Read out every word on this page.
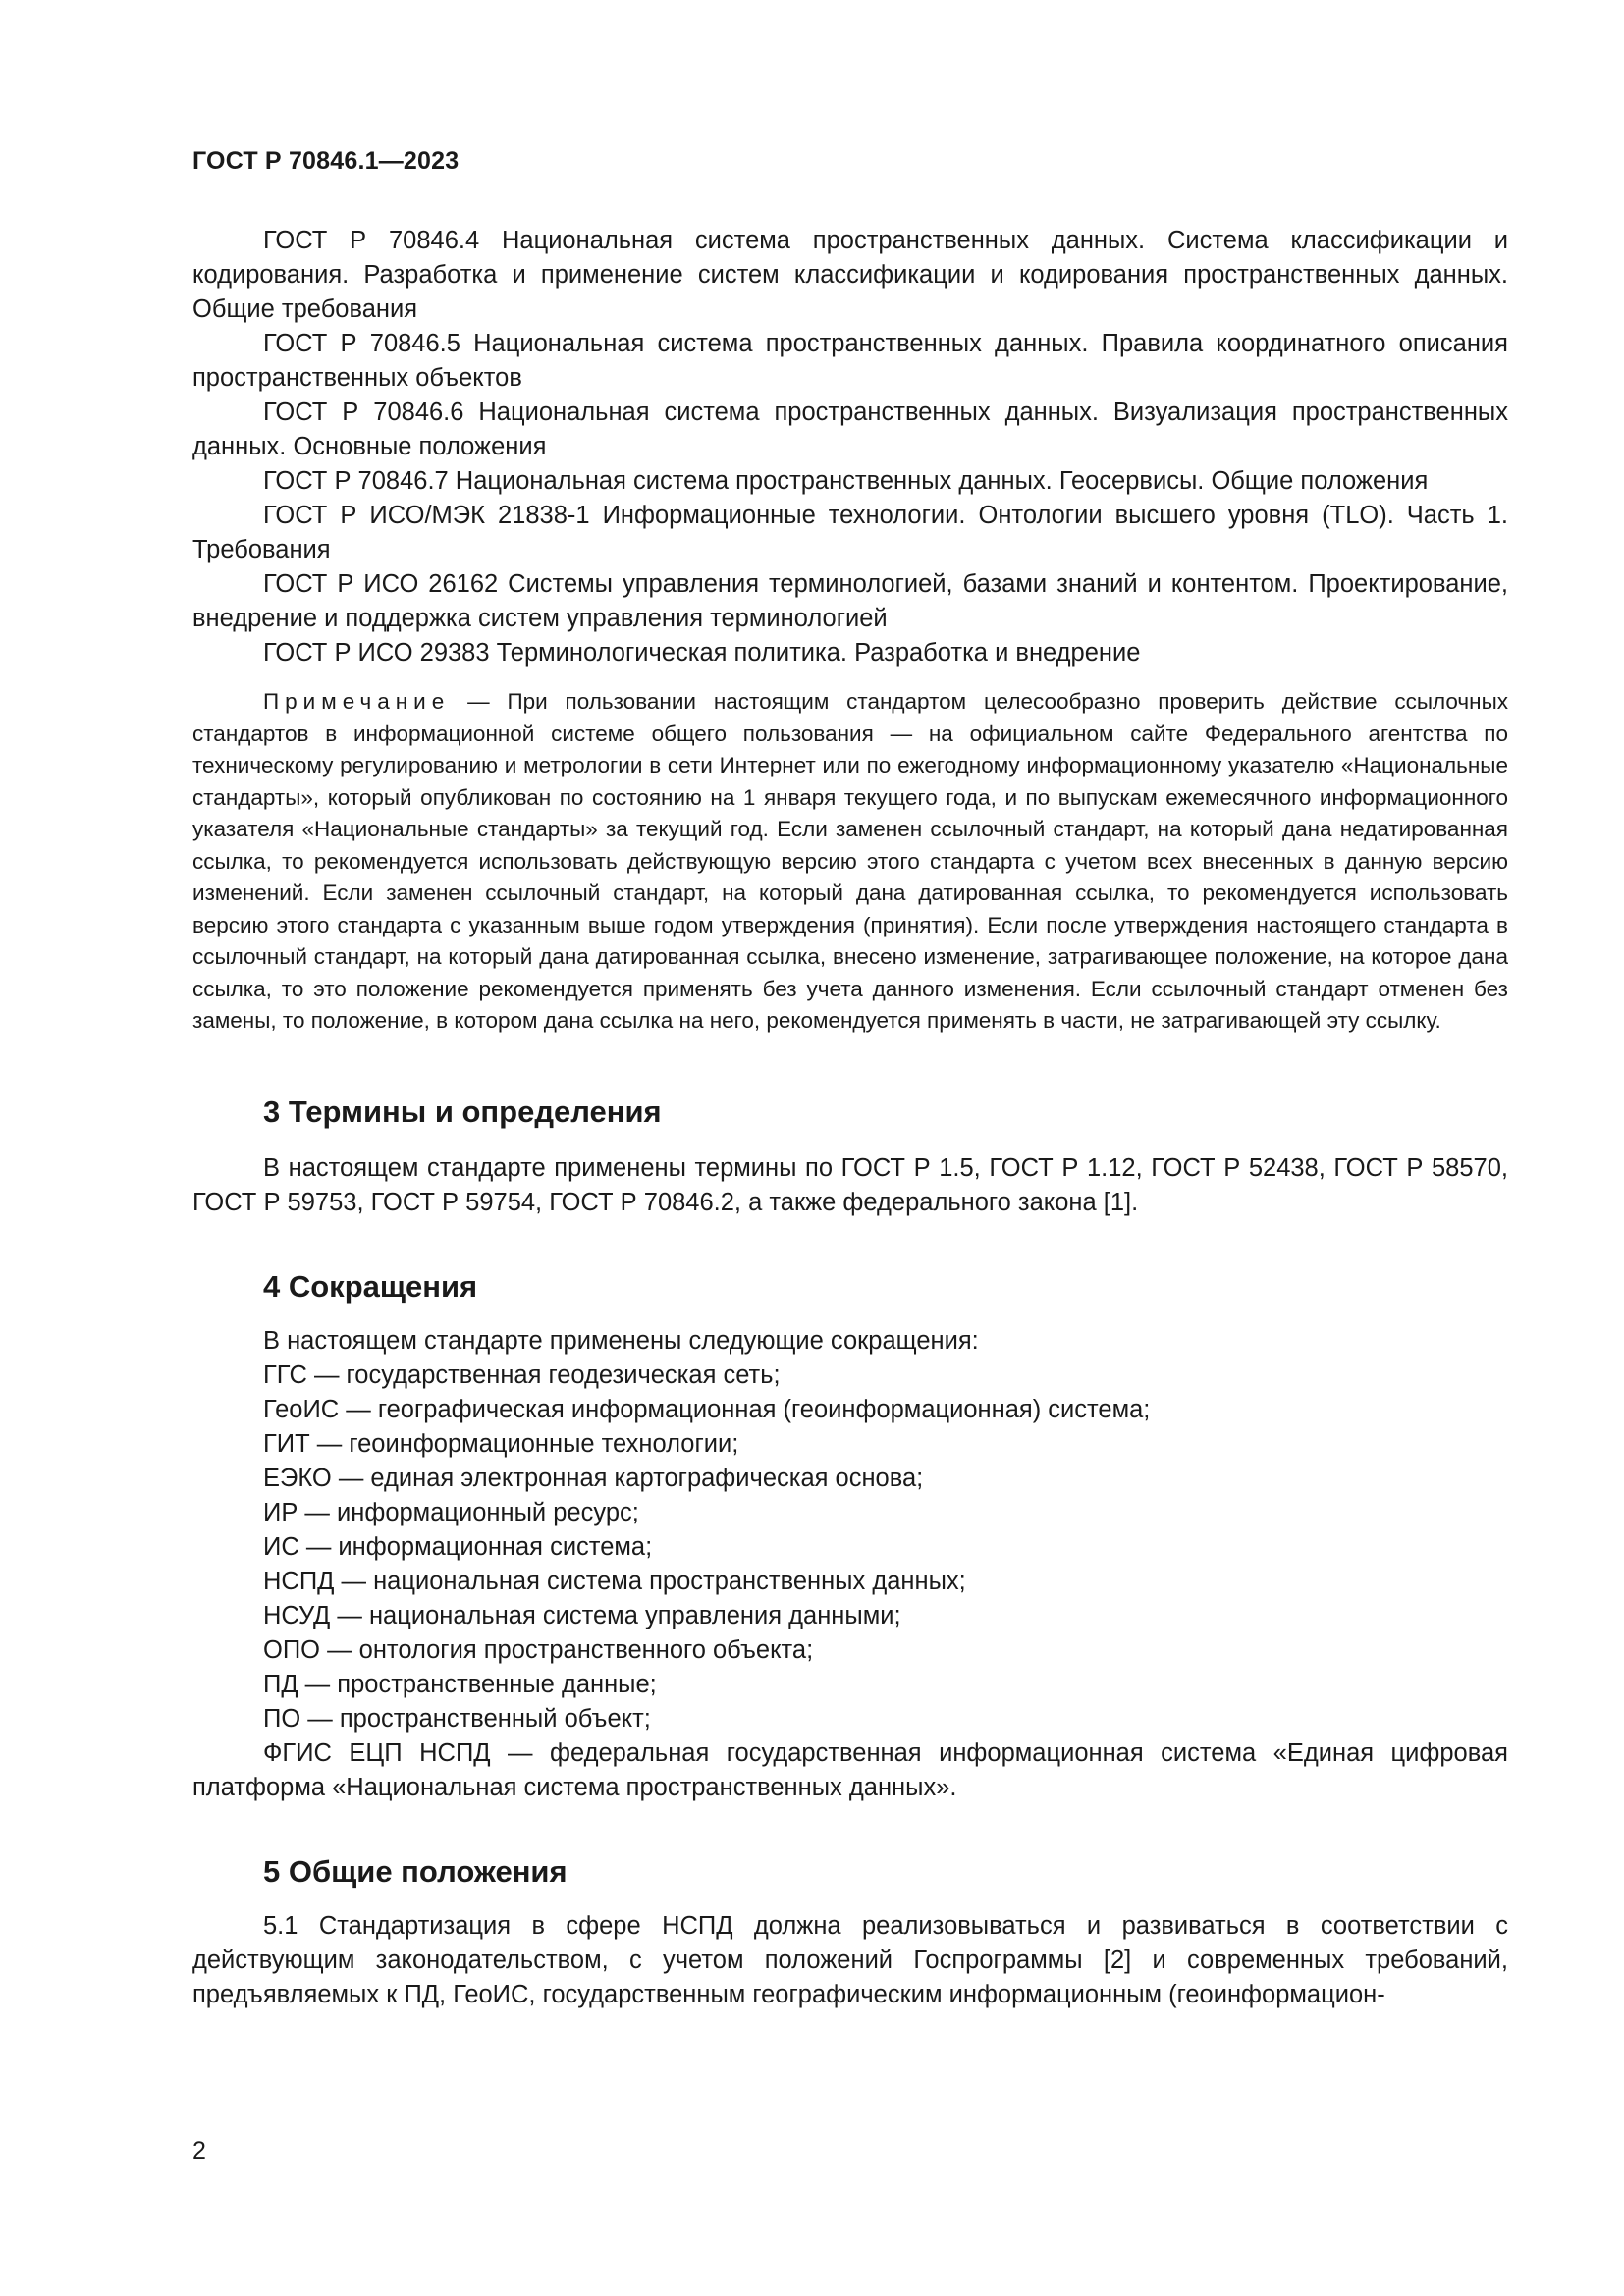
ГОСТ Р 70846.1—2023

ГОСТ Р 70846.4 Национальная система пространственных данных. Система классификации и кодирования. Разработка и применение систем классификации и кодирования пространственных данных. Общие требования

ГОСТ Р 70846.5 Национальная система пространственных данных. Правила координатного описания пространственных объектов

ГОСТ Р 70846.6 Национальная система пространственных данных. Визуализация пространственных данных. Основные положения

ГОСТ Р 70846.7 Национальная система пространственных данных. Геосервисы. Общие положения

ГОСТ Р ИСО/МЭК 21838-1 Информационные технологии. Онтологии высшего уровня (TLO). Часть 1. Требования

ГОСТ Р ИСО 26162 Системы управления терминологией, базами знаний и контентом. Проектирование, внедрение и поддержка систем управления терминологией

ГОСТ Р ИСО 29383 Терминологическая политика. Разработка и внедрение

Примечание — При пользовании настоящим стандартом целесообразно проверить действие ссылочных стандартов в информационной системе общего пользования — на официальном сайте Федерального агентства по техническому регулированию и метрологии в сети Интернет или по ежегодному информационному указателю «Национальные стандарты», который опубликован по состоянию на 1 января текущего года, и по выпускам ежемесячного информационного указателя «Национальные стандарты» за текущий год. Если заменен ссылочный стандарт, на который дана недатированная ссылка, то рекомендуется использовать действующую версию этого стандарта с учетом всех внесенных в данную версию изменений. Если заменен ссылочный стандарт, на который дана датированная ссылка, то рекомендуется использовать версию этого стандарта с указанным выше годом утверждения (принятия). Если после утверждения настоящего стандарта в ссылочный стандарт, на который дана датированная ссылка, внесено изменение, затрагивающее положение, на которое дана ссылка, то это положение рекомендуется применять без учета данного изменения. Если ссылочный стандарт отменен без замены, то положение, в котором дана ссылка на него, рекомендуется применять в части, не затрагивающей эту ссылку.

3 Термины и определения

В настоящем стандарте применены термины по ГОСТ Р 1.5, ГОСТ Р 1.12, ГОСТ Р 52438, ГОСТ Р 58570, ГОСТ Р 59753, ГОСТ Р 59754, ГОСТ Р 70846.2, а также федерального закона [1].

4 Сокращения

В настоящем стандарте применены следующие сокращения:

ГГС — государственная геодезическая сеть;

ГеоИС — географическая информационная (геоинформационная) система;

ГИТ — геоинформационные технологии;

ЕЭКО — единая электронная картографическая основа;

ИР — информационный ресурс;

ИС — информационная система;

НСПД — национальная система пространственных данных;

НСУД — национальная система управления данными;

ОПО — онтология пространственного объекта;

ПД — пространственные данные;

ПО — пространственный объект;

ФГИС ЕЦП НСПД — федеральная государственная информационная система «Единая цифровая платформа «Национальная система пространственных данных».

5 Общие положения

5.1 Стандартизация в сфере НСПД должна реализовываться и развиваться в соответствии с действующим законодательством, с учетом положений Госпрограммы [2] и современных требований, предъявляемых к ПД, ГеоИС, государственным географическим информационным (геоинформацион-

2
